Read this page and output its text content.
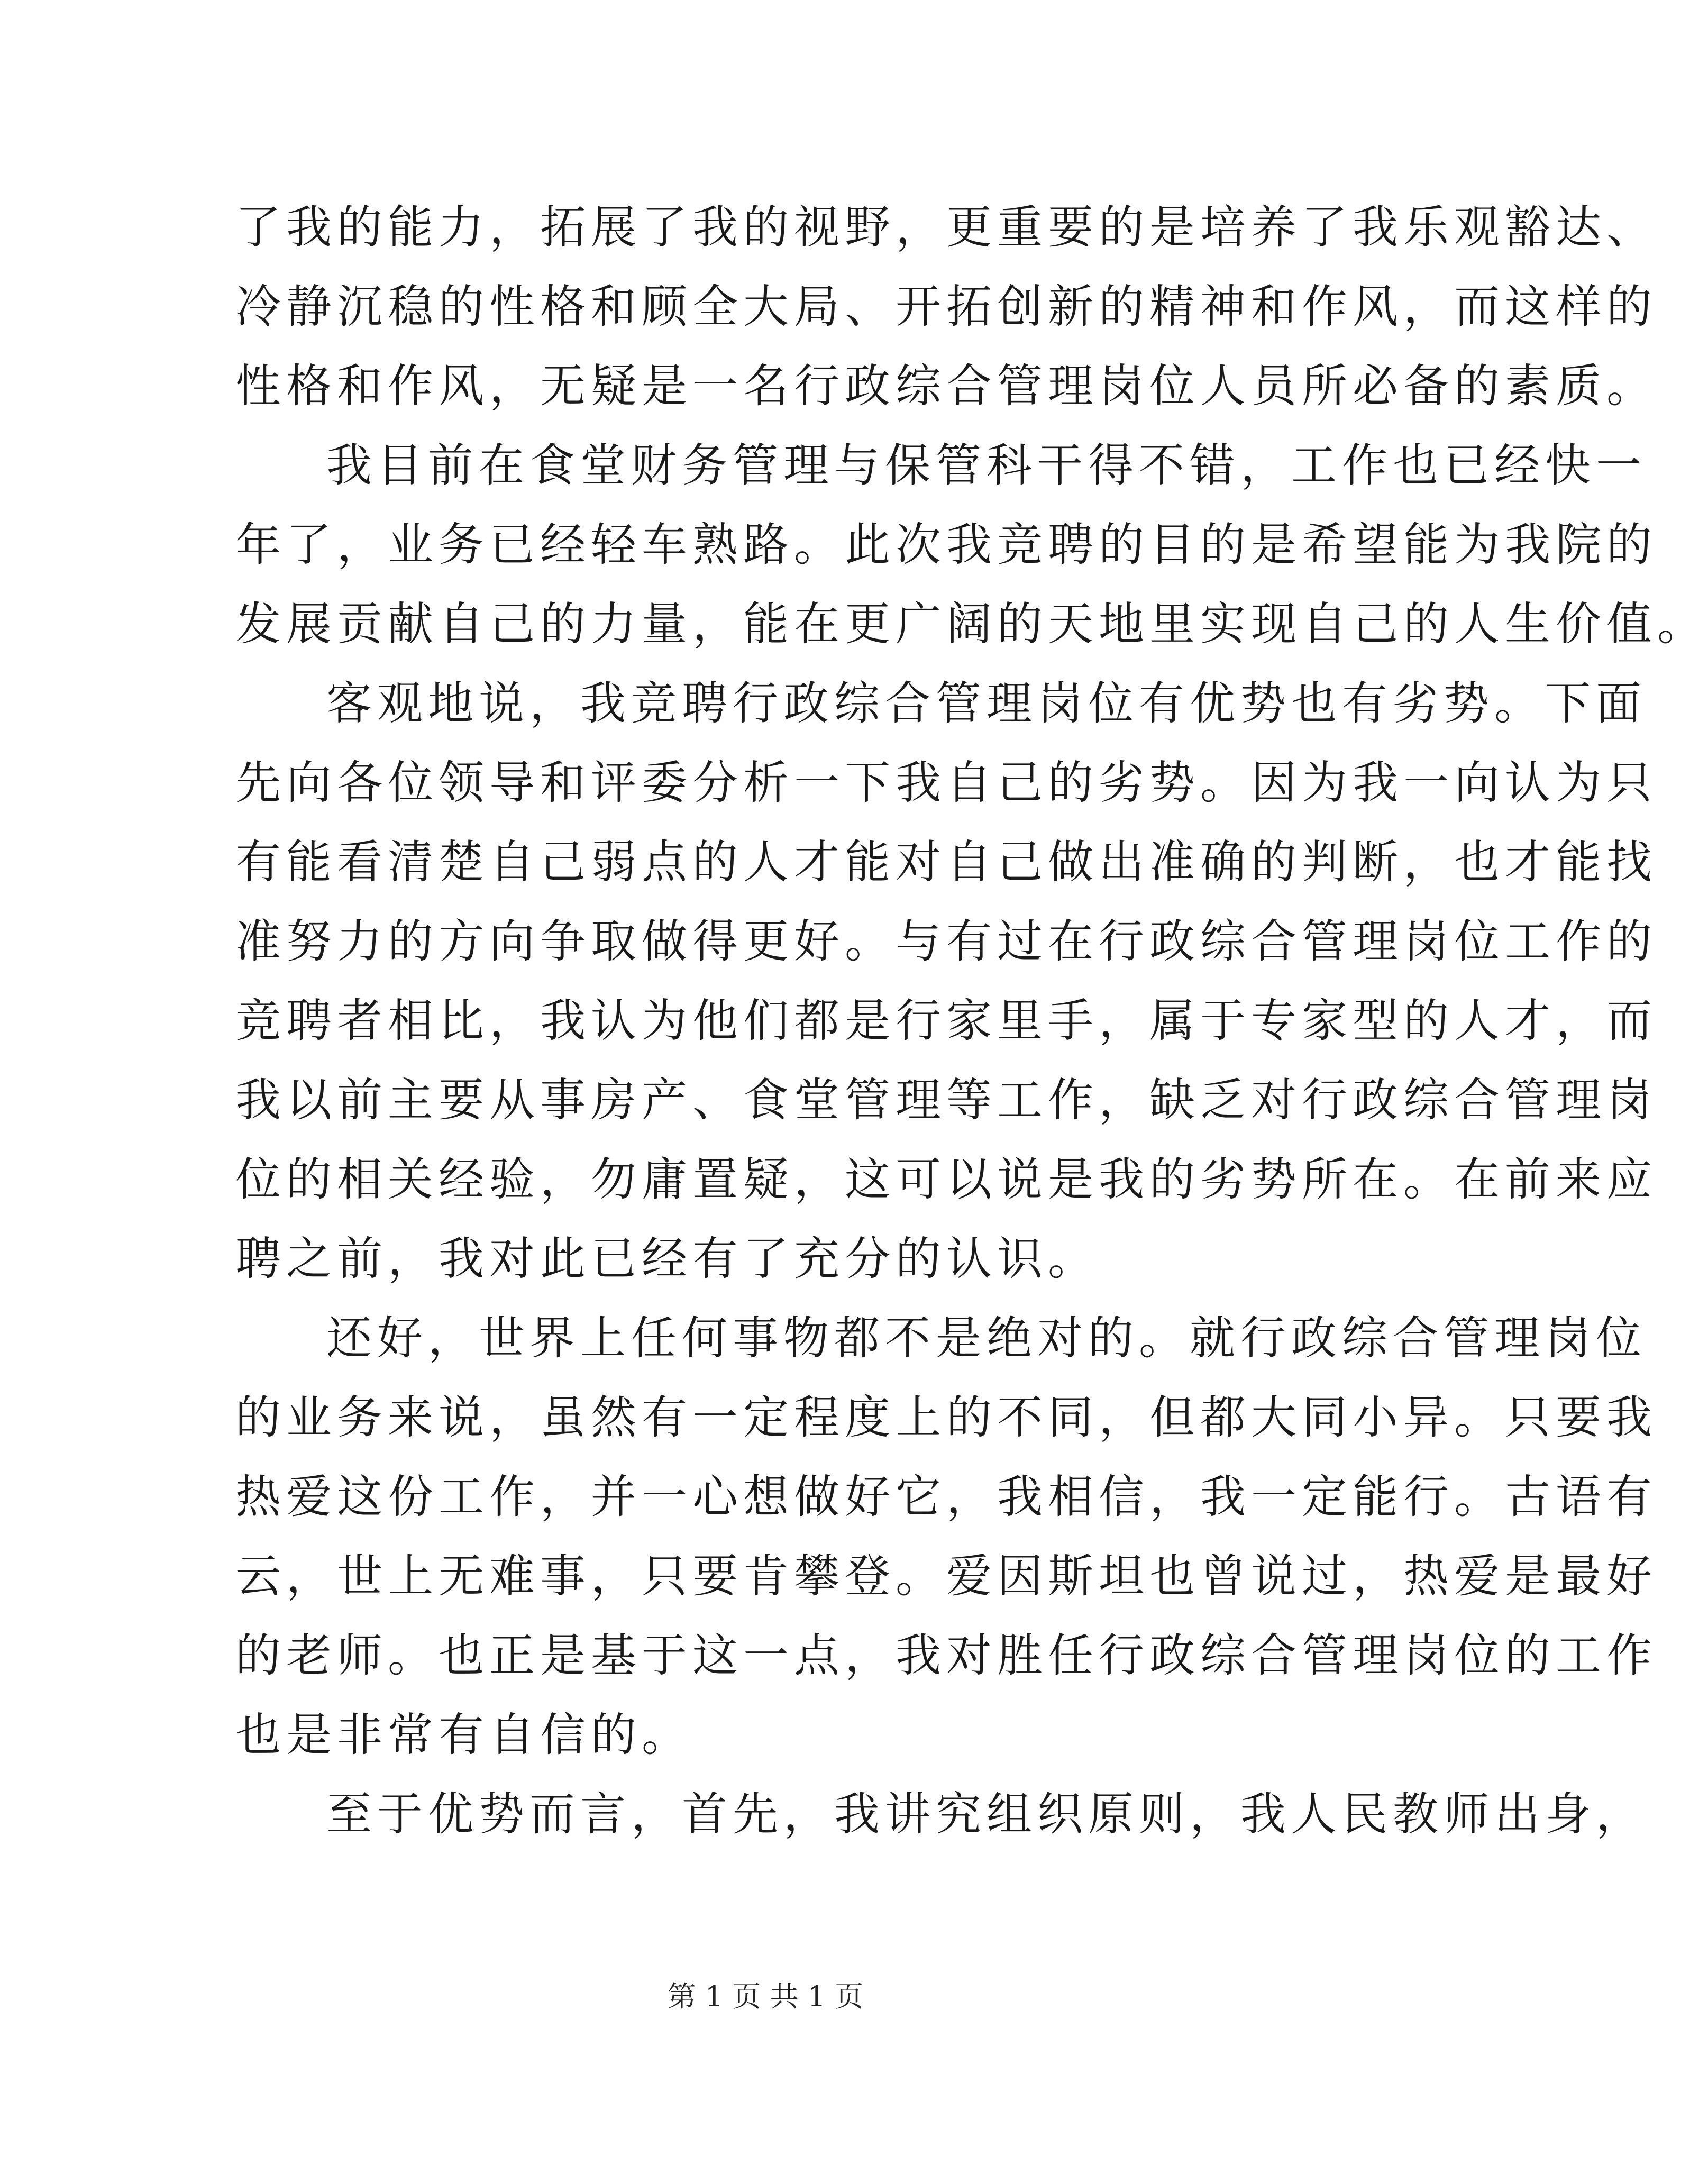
了我的能力，拓展了我的视野，更重要的是培养了我乐观豁达、
冷静沉稳的性格和顾全大局、开拓创新的精神和作风，而这样的
性格和作风，无疑是一名行政综合管理岗位人员所必备的素质。
我目前在食堂财务管理与保管科干得不错，工作也已经快一
年了，业务已经轻车熟路。此次我竞聘的目的是希望能为我院的
发展贡献自己的力量，能在更广阔的天地里实现自己的人生价值。
客观地说，我竞聘行政综合管理岗位有优势也有劣势。下面
先向各位领导和评委分析一下我自己的劣势。因为我一向认为只
有能看清楚自己弱点的人才能对自己做出准确的判断，也才能找
准努力的方向争取做得更好。与有过在行政综合管理岗位工作的
竞聘者相比，我认为他们都是行家里手，属于专家型的人才，而
我以前主要从事房产、食堂管理等工作，缺乏对行政综合管理岗
位的相关经验，勿庸置疑，这可以说是我的劣势所在。在前来应
聘之前，我对此已经有了充分的认识。
还好，世界上任何事物都不是绝对的。就行政综合管理岗位
的业务来说，虽然有一定程度上的不同，但都大同小异。只要我
热爱这份工作，并一心想做好它，我相信，我一定能行。古语有
云，世上无难事，只要肯攀登。爱因斯坦也曾说过，热爱是最好
的老师。也正是基于这一点，我对胜任行政综合管理岗位的工作
也是非常有自信的。
至于优势而言，首先，我讲究组织原则，我人民教师出身，
第 1 页 共 1 页
